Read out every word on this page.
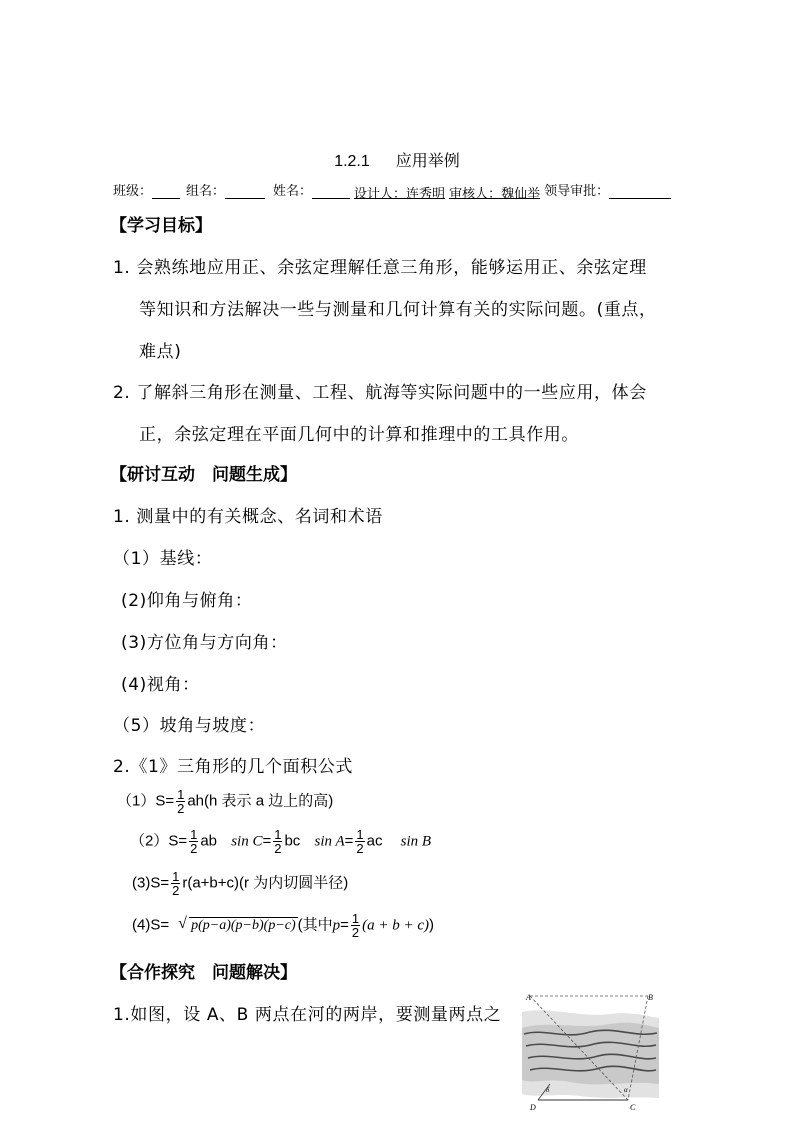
1.2.1 应用举例
班级：	组名：	姓名：	设计人：连秀明 审核人：魏仙举 领导审批：
【学习目标】
1. 会熟练地应用正、余弦定理解任意三角形，能够运用正、余弦定理
等知识和方法解决一些与测量和几何计算有关的实际问题。(重点，
难点)
2. 了解斜三角形在测量、工程、航海等实际问题中的一些应用，体会
正，余弦定理在平面几何中的计算和推理中的工具作用。
【研讨互动　问题生成】
1. 测量中的有关概念、名词和术语
（1）基线：
(2)仰角与俯角：
(3)方位角与方向角：
(4)视角：
（5）坡角与坡度：
2.《1》三角形的几个面积公式
$(1)S= \frac{1}{2} ah(h$ 表示 a 边上的高)
$(2)S= \frac{1}{2}$ ab $\sin C= \frac{1}{2}$ bc $\sin A= \frac{1}{2}$ ac sin B
$(3)S= \frac{1}{2} r(a+b+c)(r$ 为内切圆半径)
(4)S=√ p(p−a)(p−b)(p−c) (其中$p= \frac{1}{2} (a + b + c)$)
【合作探究　问题解决】
1.如图，设 A、B 两点在河的两岸，要测量两点之
A	B
C
D
α
δ
